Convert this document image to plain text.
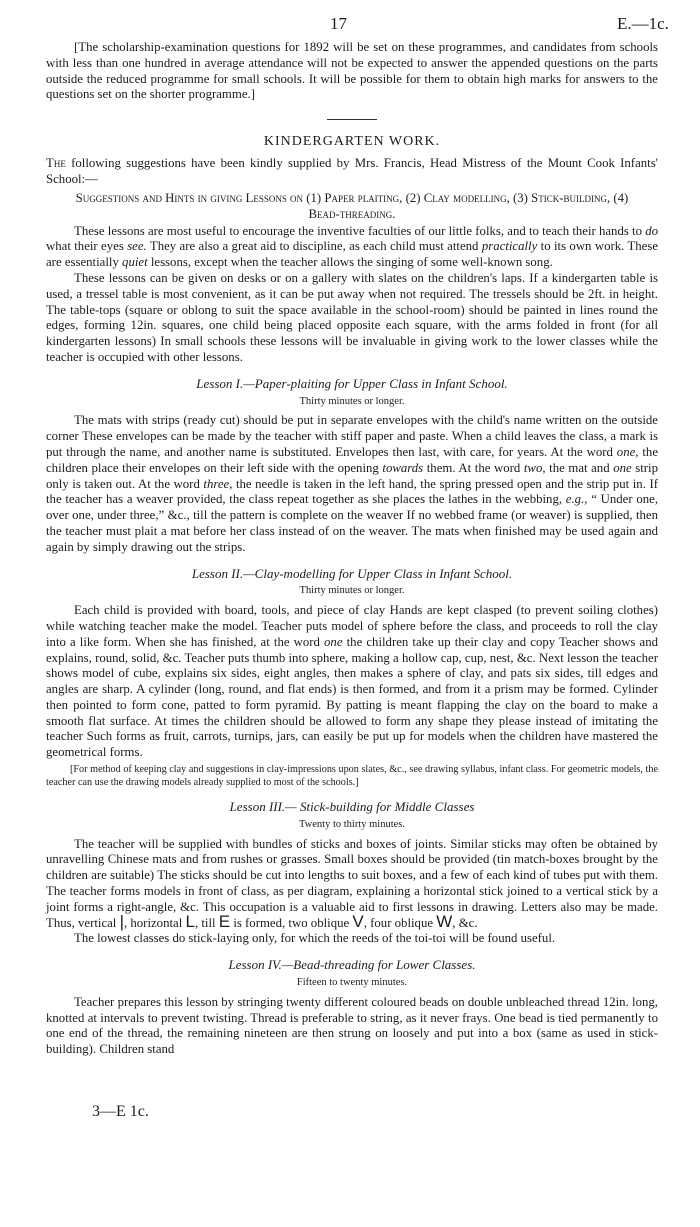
17	E.—1c.

[The scholarship-examination questions for 1892 will be set on these programmes, and candidates from schools with less than one hundred in average attendance will not be expected to answer the appended questions on the parts outside the reduced programme for small schools. It will be possible for them to obtain high marks for answers to the questions set on the shorter programme.]

KINDERGARTEN WORK.

The following suggestions have been kindly supplied by Mrs. Francis, Head Mistress of the Mount Cook Infants' School:—

Suggestions and Hints in giving Lessons on (1) Paper plaiting, (2) Clay modelling, (3) Stick-building, (4) Bead-threading.

These lessons are most useful to encourage the inventive faculties of our little folks, and to teach their hands to do what their eyes see. They are also a great aid to discipline, as each child must attend practically to its own work. These are essentially quiet lessons, except when the teacher allows the singing of some well-known song.

These lessons can be given on desks or on a gallery with slates on the children's laps. If a kindergarten table is used, a tressel table is most convenient, as it can be put away when not required. The tressels should be 2ft. in height. The table-tops (square or oblong to suit the space available in the school-room) should be painted in lines round the edges, forming 12in. squares, one child being placed opposite each square, with the arms folded in front (for all kindergarten lessons) In small schools these lessons will be invaluable in giving work to the lower classes while the teacher is occupied with other lessons.

Lesson I.—Paper-plaiting for Upper Class in Infant School.
Thirty minutes or longer.

The mats with strips (ready cut) should be put in separate envelopes with the child's name written on the outside corner These envelopes can be made by the teacher with stiff paper and paste. When a child leaves the class, a mark is put through the name, and another name is substituted. Envelopes then last, with care, for years. At the word one, the children place their envelopes on their left side with the opening towards them. At the word two, the mat and one strip only is taken out. At the word three, the needle is taken in the left hand, the spring pressed open and the strip put in. If the teacher has a weaver provided, the class repeat together as she places the lathes in the webbing, e.g., “ Under one, over one, under three,” &c., till the pattern is complete on the weaver If no webbed frame (or weaver) is supplied, then the teacher must plait a mat before her class instead of on the weaver. The mats when finished may be used again and again by simply drawing out the strips.

Lesson II.—Clay-modelling for Upper Class in Infant School.
Thirty minutes or longer.

Each child is provided with board, tools, and piece of clay Hands are kept clasped (to prevent soiling clothes) while watching teacher make the model. Teacher puts model of sphere before the class, and proceeds to roll the clay into a like form. When she has finished, at the word one the children take up their clay and copy Teacher shows and explains, round, solid, &c. Teacher puts thumb into sphere, making a hollow cap, cup, nest, &c. Next lesson the teacher shows model of cube, explains six sides, eight angles, then makes a sphere of clay, and pats six sides, till edges and angles are sharp. A cylinder (long, round, and flat ends) is then formed, and from it a prism may be formed. Cylinder then pointed to form cone, patted to form pyramid. By patting is meant flapping the clay on the board to make a smooth flat surface. At times the children should be allowed to form any shape they please instead of imitating the teacher Such forms as fruit, carrots, turnips, jars, can easily be put up for models when the children have mastered the geometrical forms.

[For method of keeping clay and suggestions in clay-impressions upon slates, &c., see drawing syllabus, infant class. For geometric models, the teacher can use the drawing models already supplied to most of the schools.]

Lesson III.— Stick-building for Middle Classes
Twenty to thirty minutes.

The teacher will be supplied with bundles of sticks and boxes of joints. Similar sticks may often be obtained by unravelling Chinese mats and from rushes or grasses. Small boxes should be provided (tin match-boxes brought by the children are suitable) The sticks should be cut into lengths to suit boxes, and a few of each kind of tubes put with them. The teacher forms models in front of class, as per diagram, explaining a horizontal stick joined to a vertical stick by a joint forms a right-angle, &c. This occupation is a valuable aid to first lessons in drawing. Letters also may be made. Thus, vertical |, horizontal L, till E is formed, two oblique V, four oblique W, &c.

The lowest classes do stick-laying only, for which the reeds of the toi-toi will be found useful.

Lesson IV.—Bead-threading for Lower Classes.
Fifteen to twenty minutes.

Teacher prepares this lesson by stringing twenty different coloured beads on double unbleached thread 12in. long, knotted at intervals to prevent twisting. Thread is preferable to string, as it never frays. One bead is tied permanently to one end of the thread, the remaining nineteen are then strung on loosely and put into a box (same as used in stick-building). Children stand

3—E 1c.
